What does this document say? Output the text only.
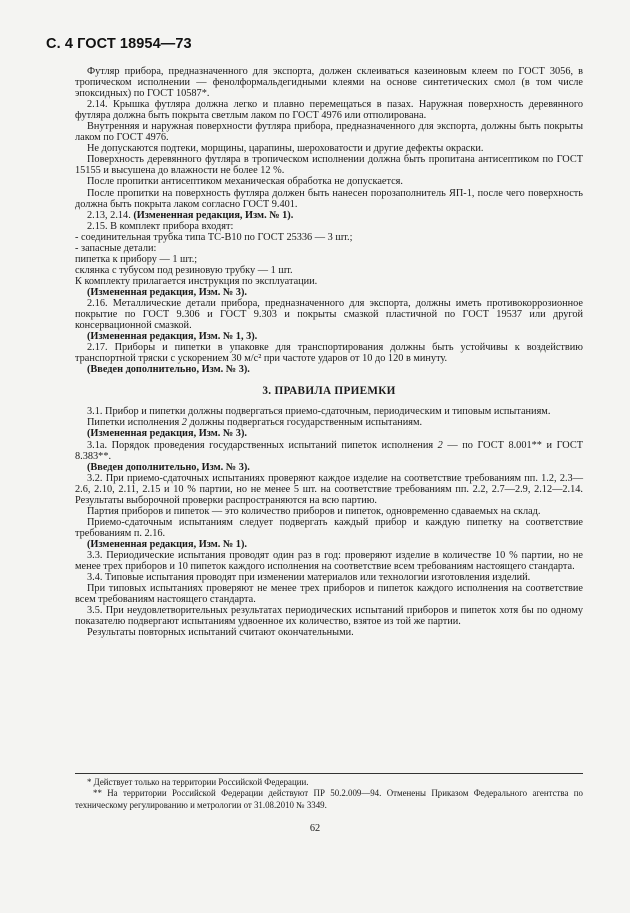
С. 4 ГОСТ 18954—73

Футляр прибора, предназначенного для экспорта, должен склеиваться казеиновым клеем по ГОСТ 3056, в тропическом исполнении — фенолформальдегидными клеями на основе синтетических смол (в том числе эпоксидных) по ГОСТ 10587*.

2.14. Крышка футляра должна легко и плавно перемещаться в пазах. Наружная поверхность деревянного футляра должна быть покрыта светлым лаком по ГОСТ 4976 или отполирована.

Внутренняя и наружная поверхности футляра прибора, предназначенного для экспорта, должны быть покрыты лаком по ГОСТ 4976.

Не допускаются подтеки, морщины, царапины, шероховатости и другие дефекты окраски.

Поверхность деревянного футляра в тропическом исполнении должна быть пропитана антисептиком по ГОСТ 15155 и высушена до влажности не более 12 %.

После пропитки антисептиком механическая обработка не допускается.

После пропитки на поверхность футляра должен быть нанесен порозаполнитель ЯП-1, после чего поверхность должна быть покрыта лаком согласно ГОСТ 9.401.

2.13, 2.14. (Измененная редакция, Изм. № 1).

2.15. В комплект прибора входят:

- соединительная трубка типа ТС-В10 по ГОСТ 25336 — 3 шт.;

- запасные детали:

пипетка к прибору — 1 шт.;

склянка с тубусом под резиновую трубку — 1 шт.

К комплекту прилагается инструкция по эксплуатации.

(Измененная редакция, Изм. № 3).

2.16. Металлические детали прибора, предназначенного для экспорта, должны иметь противокоррозионное покрытие по ГОСТ 9.306 и ГОСТ 9.303 и покрыты смазкой пластичной по ГОСТ 19537 или другой консервационной смазкой.

(Измененная редакция, Изм. № 1, 3).

2.17. Приборы и пипетки в упаковке для транспортирования должны быть устойчивы к воздействию транспортной тряски с ускорением 30 м/с² при частоте ударов от 10 до 120 в минуту.

(Введен дополнительно, Изм. № 3).

3. ПРАВИЛА ПРИЕМКИ

3.1. Прибор и пипетки должны подвергаться приемо-сдаточным, периодическим и типовым испытаниям.

Пипетки исполнения 2 должны подвергаться государственным испытаниям.

(Измененная редакция, Изм. № 3).

3.1а. Порядок проведения государственных испытаний пипеток исполнения 2 — по ГОСТ 8.001** и ГОСТ 8.383**.

(Введен дополнительно, Изм. № 3).

3.2. При приемо-сдаточных испытаниях проверяют каждое изделие на соответствие требованиям пп. 1.2, 2.3—2.6, 2.10, 2.11, 2.15 и 10 % партии, но не менее 5 шт. на соответствие требованиям пп. 2.2, 2.7—2.9, 2.12—2.14. Результаты выборочной проверки распространяются на всю партию.

Партия приборов и пипеток — это количество приборов и пипеток, одновременно сдаваемых на склад.

Приемо-сдаточным испытаниям следует подвергать каждый прибор и каждую пипетку на соответствие требованиям п. 2.16.

(Измененная редакция, Изм. № 1).

3.3. Периодические испытания проводят один раз в год: проверяют изделие в количестве 10 % партии, но не менее трех приборов и 10 пипеток каждого исполнения на соответствие всем требованиям настоящего стандарта.

3.4. Типовые испытания проводят при изменении материалов или технологии изготовления изделий.

При типовых испытаниях проверяют не менее трех приборов и пипеток каждого исполнения на соответствие всем требованиям настоящего стандарта.

3.5. При неудовлетворительных результатах периодических испытаний приборов и пипеток хотя бы по одному показателю подвергают испытаниям удвоенное их количество, взятое из той же партии.

Результаты повторных испытаний считают окончательными.

* Действует только на территории Российской Федерации.

** На территории Российской Федерации действуют ПР 50.2.009—94. Отменены Приказом Федерального агентства по техническому регулированию и метрологии от 31.08.2010 № 3349.

62
